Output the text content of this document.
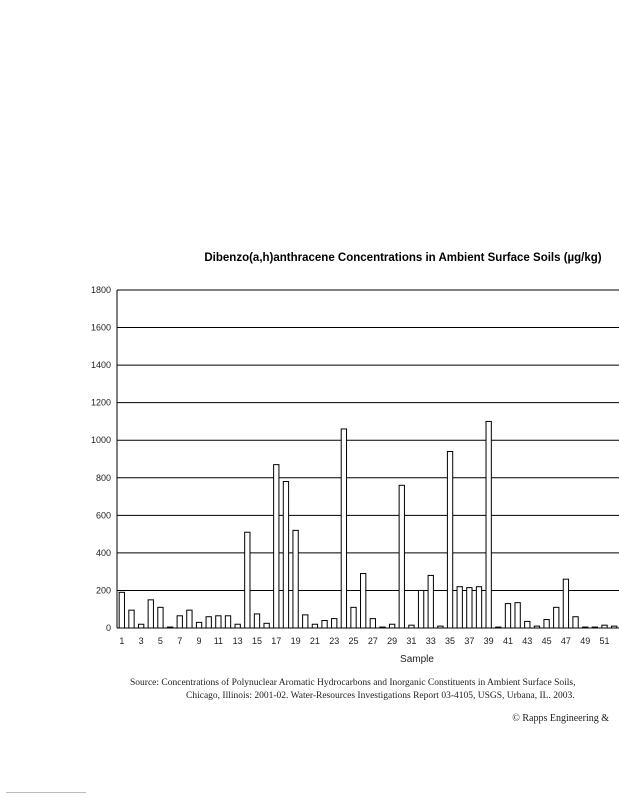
Dibenzo(a,h)anthracene Concentrations in Ambient Surface Soils (µg/kg)
0
200
400
600
800
1000
1200
1400
1600
1800
1 3 5 7 9 11 13 15 17 19 21 23 25 27 29 31 33 35 37 39 41 43 45 47 49 51
Sample
Source: Concentrations of Polynuclear Aromatic Hydrocarbons and Inorganic Constituents in Ambient Surface Soils,
Chicago, Illinois: 2001-02. Water-Resources Investigations Report 03-4105, USGS, Urbana, IL. 2003.
© Rapps Engineering &
